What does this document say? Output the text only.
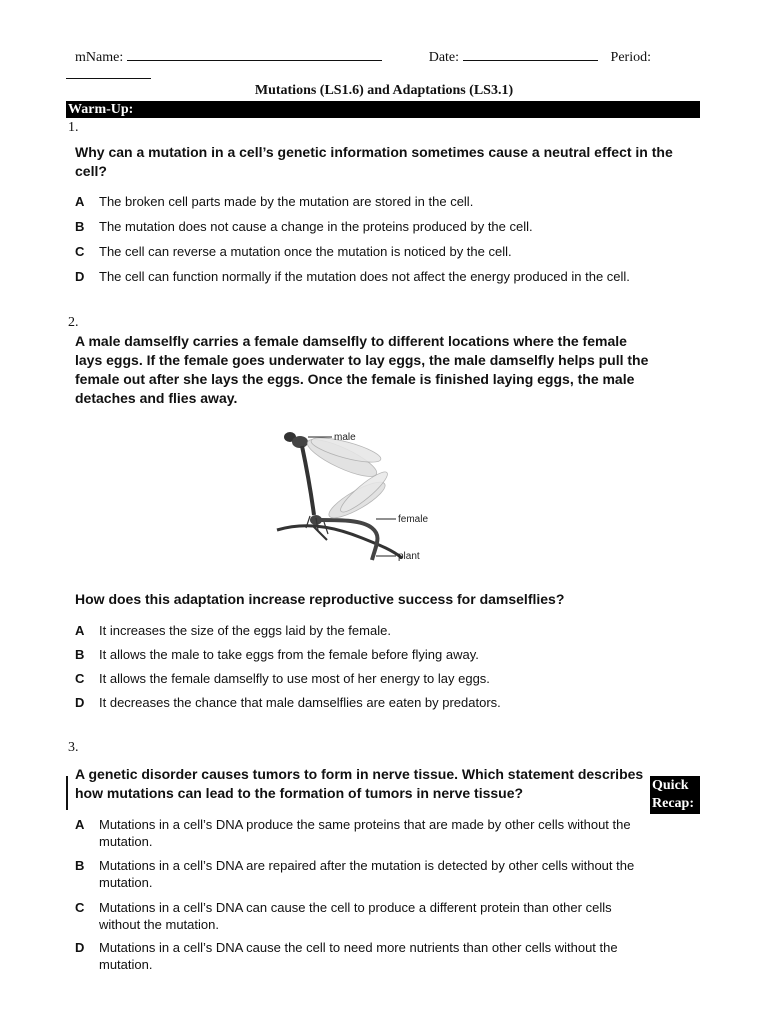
mName:	Date:	Period:
Mutations (LS1.6) and Adaptations (LS3.1)
Warm-Up:
1.
Why can a mutation in a cell’s genetic information sometimes cause a neutral effect in the cell?
A The broken cell parts made by the mutation are stored in the cell.
B The mutation does not cause a change in the proteins produced by the cell.
C The cell can reverse a mutation once the mutation is noticed by the cell.
D The cell can function normally if the mutation does not affect the energy produced in the cell.
2.
A male damselfly carries a female damselfly to different locations where the female lays eggs. If the female goes underwater to lay eggs, the male damselfly helps pull the female out after she lays the eggs. Once the female is finished laying eggs, the male detaches and flies away.
male
female
plant
How does this adaptation increase reproductive success for damselflies?
A It increases the size of the eggs laid by the female.
B It allows the male to take eggs from the female before flying away.
C It allows the female damselfly to use most of her energy to lay eggs.
D It decreases the chance that male damselflies are eaten by predators.
3.
A genetic disorder causes tumors to form in nerve tissue. Which statement describes how mutations can lead to the formation of tumors in nerve tissue?	Quick Recap:
A Mutations in a cell’s DNA produce the same proteins that are made by other cells without the mutation.
B Mutations in a cell’s DNA are repaired after the mutation is detected by other cells without the mutation.
C Mutations in a cell’s DNA can cause the cell to produce a different protein than other cells without the mutation.
D Mutations in a cell’s DNA cause the cell to need more nutrients than other cells without the mutation.
